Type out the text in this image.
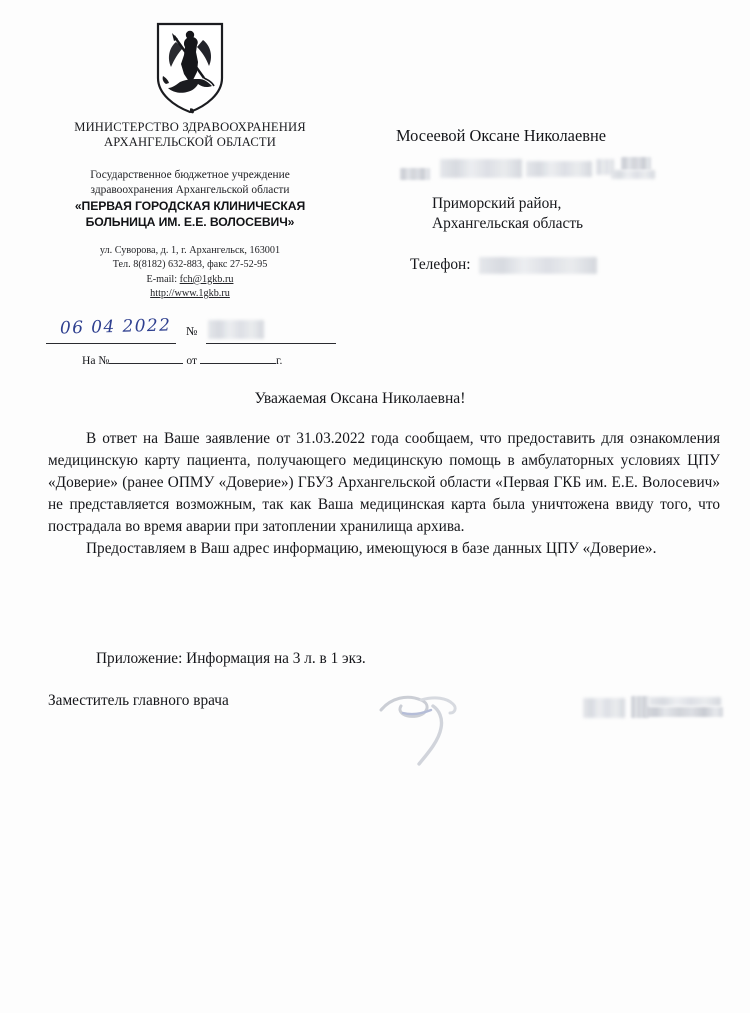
МИНИСТЕРСТВО ЗДРАВООХРАНЕНИЯ
АРХАНГЕЛЬСКОЙ ОБЛАСТИ
Государственное бюджетное учреждение
здравоохранения Архангельской области
«ПЕРВАЯ ГОРОДСКАЯ КЛИНИЧЕСКАЯ
БОЛЬНИЦА ИМ. Е.Е. ВОЛОСЕВИЧ»
ул. Суворова, д. 1, г. Архангельск, 163001
Тел. 8(8182) 632-883, факс 27-52-95
E-mail: fch@1gkb.ru
http://www.1gkb.ru
06 04 2022 №
На №	от	г.
Мосеевой Оксане Николаевне
Приморский район,
Архангельская область
Телефон:
Уважаемая Оксана Николаевна!

В ответ на Ваше заявление от 31.03.2022 года сообщаем, что предоставить для ознакомления медицинскую карту пациента, получающего медицинскую помощь в амбулаторных условиях ЦПУ «Доверие» (ранее ОПМУ «Доверие») ГБУЗ Архангельской области «Первая ГКБ им. Е.Е. Волосевич» не представляется возможным, так как Ваша медицинская карта была уничтожена ввиду того, что пострадала во время аварии при затоплении хранилища архива.

Предоставляем в Ваш адрес информацию, имеющуюся в базе данных ЦПУ «Доверие».

Приложение: Информация на 3 л. в 1 экз.
Заместитель главного врача
